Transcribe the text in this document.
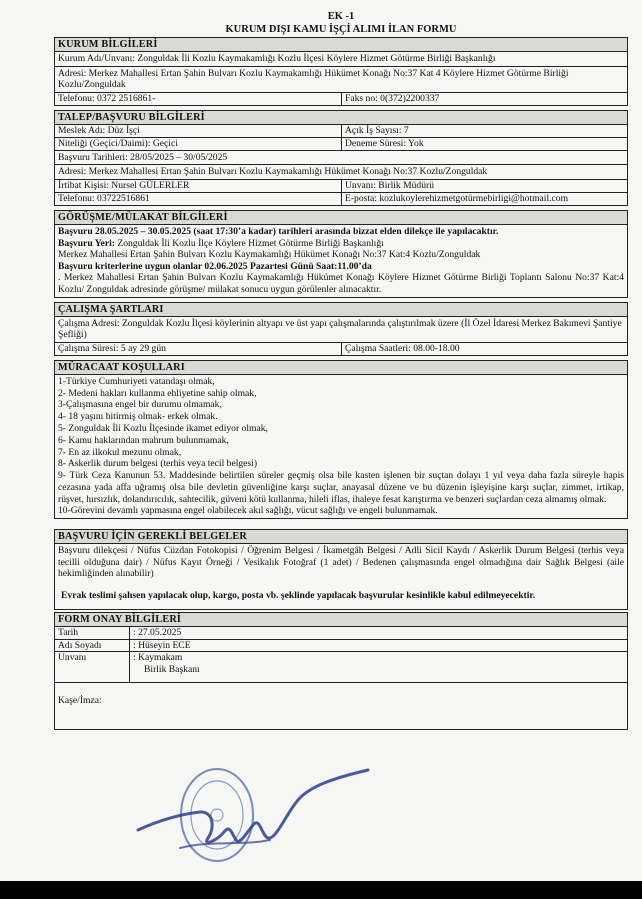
EK -1
KURUM DIŞI KAMU İŞÇİ ALIMI İLAN FORMU
KURUM BİLGİLERİ
Kurum Adı/Unvanı: Zonguldak İli Kozlu Kaymakamlığı Kozlu İlçesi Köylere Hizmet Götürme Birliği Başkanlığı
Adresi: Merkez Mahallesi Ertan Şahin Bulvarı Kozlu Kaymakamlığı Hükümet Konağı No:37 Kat 4 Köylere Hizmet Götürme Birliği Kozlu/Zonguldak
Telefonu: 0372 2516861-	Faks no: 0(372)2200337
TALEP/BAŞVURU BİLGİLERİ
Meslek Adı: Düz İşçi	Açık İş Sayısı: 7
Niteliği (Geçici/Daimi): Geçici	Deneme Süresi: Yok
Başvuru Tarihleri: 28/05/2025 – 30/05/2025
Adresi: Merkez Mahallesi Ertan Şahin Bulvarı Kozlu Kaymakamlığı Hükümet Konağı No:37 Kozlu/Zonguldak
İrtibat Kişisi: Nursel GÜLERLER	Unvanı: Birlik Müdürü
Telefonu: 03722516861	E-posta: kozlukoylerehizmetgotürmebirligi@hotmail.com
GÖRÜŞME/MÜLAKAT BİLGİLERİ
Başvuru 28.05.2025 – 30.05.2025 (saat 17:30’a kadar) tarihleri arasında bizzat elden dilekçe ile yapılacaktır.
Başvuru Yeri: Zonguldak İli Kozlu İlçe Köylere Hizmet Götürme Birliği Başkanlığı
Merkez Mahallesi Ertan Şahin Bulvarı Kozlu Kaymakamlığı Hükümet Konağı No:37 Kat:4 Kozlu/Zonguldak
Başvuru kriterlerine uygun olanlar 02.06.2025 Pazartesi Günü Saat:11.00’da
. Merkez Mahallesi Ertan Şahin Bulvarı Kozlu Kaymakamlığı Hükümet Konağı Köylere Hizmet Götürme Birliği Toplantı Salonu No:37 Kat:4 Kozlu/ Zonguldak adresinde görüşme/ mülakat sonucu uygun görülenler alınacaktır.
ÇALIŞMA ŞARTLARI
Çalışma Adresi: Zonguldak Kozlu İlçesi köylerinin altyapı ve üst yapı çalışmalarında çalıştırılmak üzere (İl Özel İdaresi Merkez Bakımevi Şantiye Şefliği)
Çalışma Süresi: 5 ay 29 gün	Çalışma Saatleri: 08.00-18.00
MÜRACAAT KOŞULLARI
1-Türkiye Cumhuriyeti vatandaşı olmak,
2- Medeni hakları kullanma ehliyetine sahip olmak,
3-Çalışmasına engel bir durumu olmamak,
4- 18 yaşını bitirmiş olmak- erkek olmak.
5- Zonguldak İli Kozlu İlçesinde ikamet ediyor olmak,
6- Kamu haklarından mahrum bulunmamak,
7- En az ilkokul mezunu olmak,
8- Askerlik durum belgesi (terhis veya tecil belgesi)
9- Türk Ceza Kanunun 53. Maddesinde belirtilen süreler geçmiş olsa bile kasten işlenen bir suçtan dolayı 1 yıl veya daha fazla süreyle hapis cezasına yada affa uğramış olsa bile devletin güvenliğine karşı suçlar, anayasal düzene ve bu düzenin işleyişine karşı suçlar, zimmet, irtikap, rüşvet, hırsızlık, dolandırıcılık, sahtecilik, güveni kötü kullanma, hileli iflas, ihaleye fesat karıştırma ve benzeri suçlardan ceza almamış olmak.
10-Görevini devamlı yapmasına engel olabilecek akıl sağlığı, vücut sağlığı ve engeli bulunmamak.
BAŞVURU İÇİN GEREKLİ BELGELER
Başvuru dilekçesi / Nüfus Cüzdan Fotokopisi / Öğrenim Belgesi / İkametgâh Belgesi / Adli Sicil Kaydı / Askerlik Durum Belgesi (terhis veya tecilli olduğuna dair) / Nüfus Kayıt Örneği / Vesikalık Fotoğraf (1 adet) / Bedenen çalışmasında engel olmadığına dair Sağlık Belgesi (aile hekimliğinden alınabilir)
Evrak teslimi şahsen yapılacak olup, kargo, posta vb. şeklinde yapılacak başvurular kesinlikle kabul edilmeyecektir.
FORM ONAY BİLGİLERİ
Tarih	: 27.05.2025
Adı Soyadı	: Hüseyin ECE
Unvanı	: Kaymakam
Birlik Başkanı
Kaşe/İmza:
